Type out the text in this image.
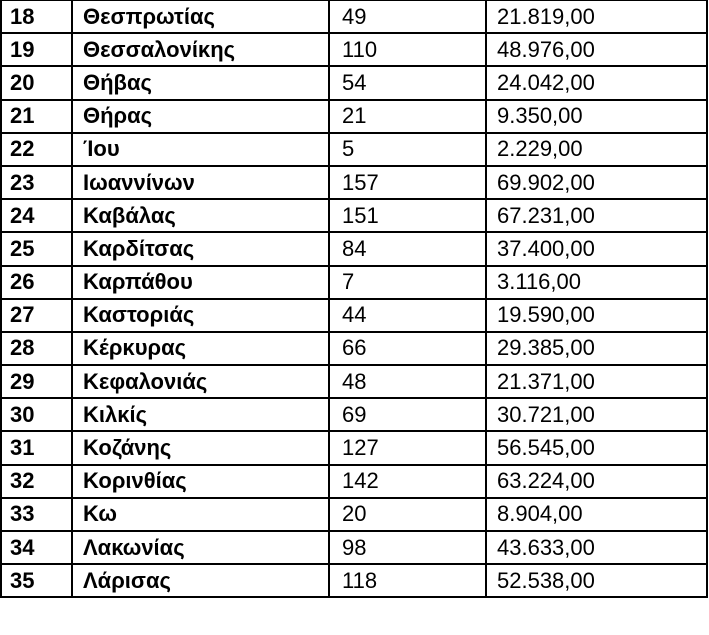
18	Θεσπρωτίας	49	21.819,00
19	Θεσσαλονίκης	110	48.976,00
20	Θήβας	54	24.042,00
21	Θήρας	21	9.350,00
22	Ίου	5	2.229,00
23	Ιωαννίνων	157	69.902,00
24	Καβάλας	151	67.231,00
25	Καρδίτσας	84	37.400,00
26	Καρπάθου	7	3.116,00
27	Καστοριάς	44	19.590,00
28	Κέρκυρας	66	29.385,00
29	Κεφαλονιάς	48	21.371,00
30	Κιλκίς	69	30.721,00
31	Κοζάνης	127	56.545,00
32	Κορινθίας	142	63.224,00
33	Κω	20	8.904,00
34	Λακωνίας	98	43.633,00
35	Λάρισας	118	52.538,00
